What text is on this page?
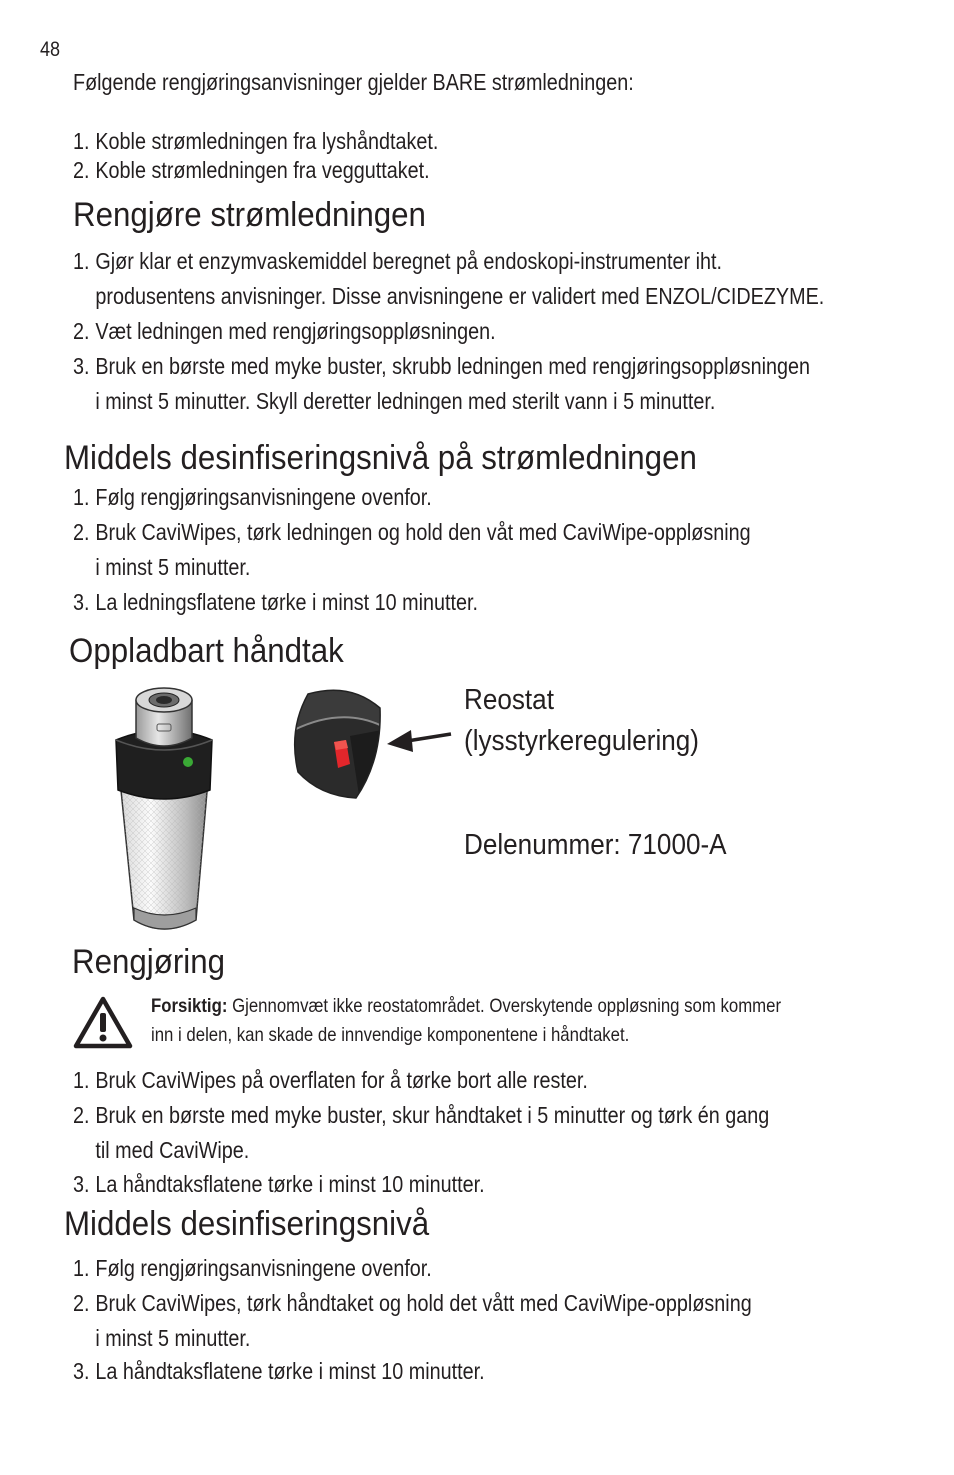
48
Følgende rengjøringsanvisninger gjelder BARE strømledningen:
1. Koble strømledningen fra lyshåndtaket.
2. Koble strømledningen fra vegguttaket.
Rengjøre strømledningen
1. Gjør klar et enzymvaskemiddel beregnet på endoskopi-instrumenter iht.
produsentens anvisninger. Disse anvisningene er validert med ENZOL/CIDEZYME.
2. Væt ledningen med rengjøringsoppløsningen.
3. Bruk en børste med myke buster, skrubb ledningen med rengjøringsoppløsningen
i minst 5 minutter. Skyll deretter ledningen med sterilt vann i 5 minutter.
Middels desinfiseringsnivå på strømledningen
1. Følg rengjøringsanvisningene ovenfor.
2. Bruk CaviWipes, tørk ledningen og hold den våt med CaviWipe-oppløsning
i minst 5 minutter.
3. La ledningsflatene tørke i minst 10 minutter.
Oppladbart håndtak
Reostat
(lysstyrkeregulering)
Delenummer: 71000-A
Rengjøring
Forsiktig: Gjennomvæt ikke reostatområdet. Overskytende oppløsning som kommer
inn i delen, kan skade de innvendige komponentene i håndtaket.
1. Bruk CaviWipes på overflaten for å tørke bort alle rester.
2. Bruk en børste med myke buster, skur håndtaket i 5 minutter og tørk én gang
til med CaviWipe.
3. La håndtaksflatene tørke i minst 10 minutter.
Middels desinfiseringsnivå
1. Følg rengjøringsanvisningene ovenfor.
2. Bruk CaviWipes, tørk håndtaket og hold det vått med CaviWipe-oppløsning
i minst 5 minutter.
3. La håndtaksflatene tørke i minst 10 minutter.
